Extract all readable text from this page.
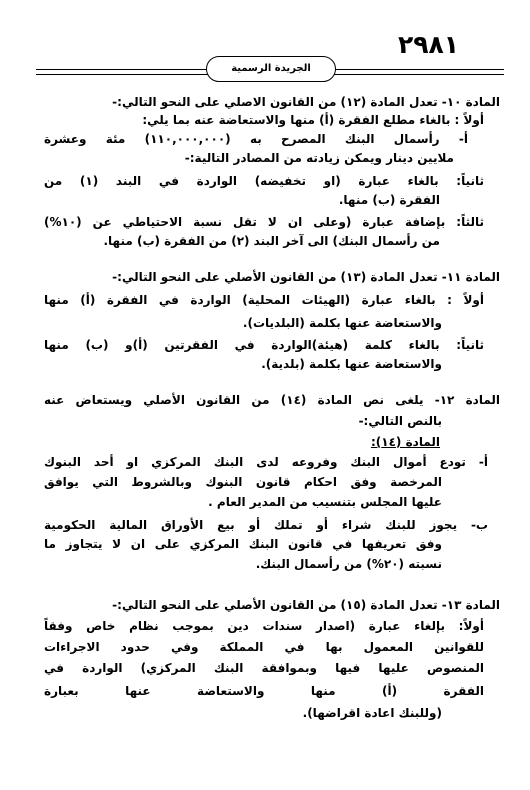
٢٩٨١
الجريدة الرسمية
المادة ١٠- تعدل المادة (١٢) من القانون الاصلي على النحو التالي:-
أولاً : بالغاء مطلع الفقرة (أ) منها والاستعاضة عنه بما يلي:
أ- رأسمال البنك المصرح به (١١٠,٠٠٠,٠٠٠) مئة وعشرة
ملايين دينار ويمكن زيادته من المصادر التالية:-
ثانياً: بالغاء عبارة (او تخفيضه) الواردة في البند (١) من
الفقرة (ب) منها.
ثالثاً: بإضافة عبارة (وعلى ان لا تقل نسبة الاحتياطي عن (١٠%)
من رأسمال البنك) الى آخر البند (٢) من الفقرة (ب) منها.
المادة ١١- تعدل المادة (١٣) من القانون الأصلي على النحو التالي:-
أولاً : بالغاء عبارة (الهيئات المحلية) الواردة في الفقرة (أ) منها
والاستعاضة عنها بكلمة (البلديات).
ثانياً: بالغاء كلمة (هيئة)الواردة في الفقرتين (أ)و (ب) منها
والاستعاضة عنها بكلمة (بلدية).
المادة ١٢- يلغى نص المادة (١٤) من القانون الأصلي ويستعاض عنه
بالنص التالي:-
المادة (١٤):
أ- تودع أموال البنك وفروعه لدى البنك المركزي او أحد البنوك
المرخصة وفق احكام قانون البنوك وبالشروط التي يوافق
عليها المجلس بتنسيب من المدير العام .
ب- يجوز للبنك شراء أو تملك أو بيع الأوراق المالية الحكومية
وفق تعريفها في قانون البنك المركزي على ان لا يتجاوز ما
نسبته (٢٠%) من رأسمال البنك.
المادة ١٣- تعدل المادة (١٥) من القانون الأصلي على النحو التالي:-
أولاً: بإلغاء عبارة (اصدار سندات دين بموجب نظام خاص وفقاً
للقوانين المعمول بها في المملكة وفي حدود الاجراءات
المنصوص عليها فيها وبموافقة البنك المركزي) الواردة في
الفقرة (أ) منها والاستعاضة عنها بعبارة
(وللبنك اعادة اقراضها).
